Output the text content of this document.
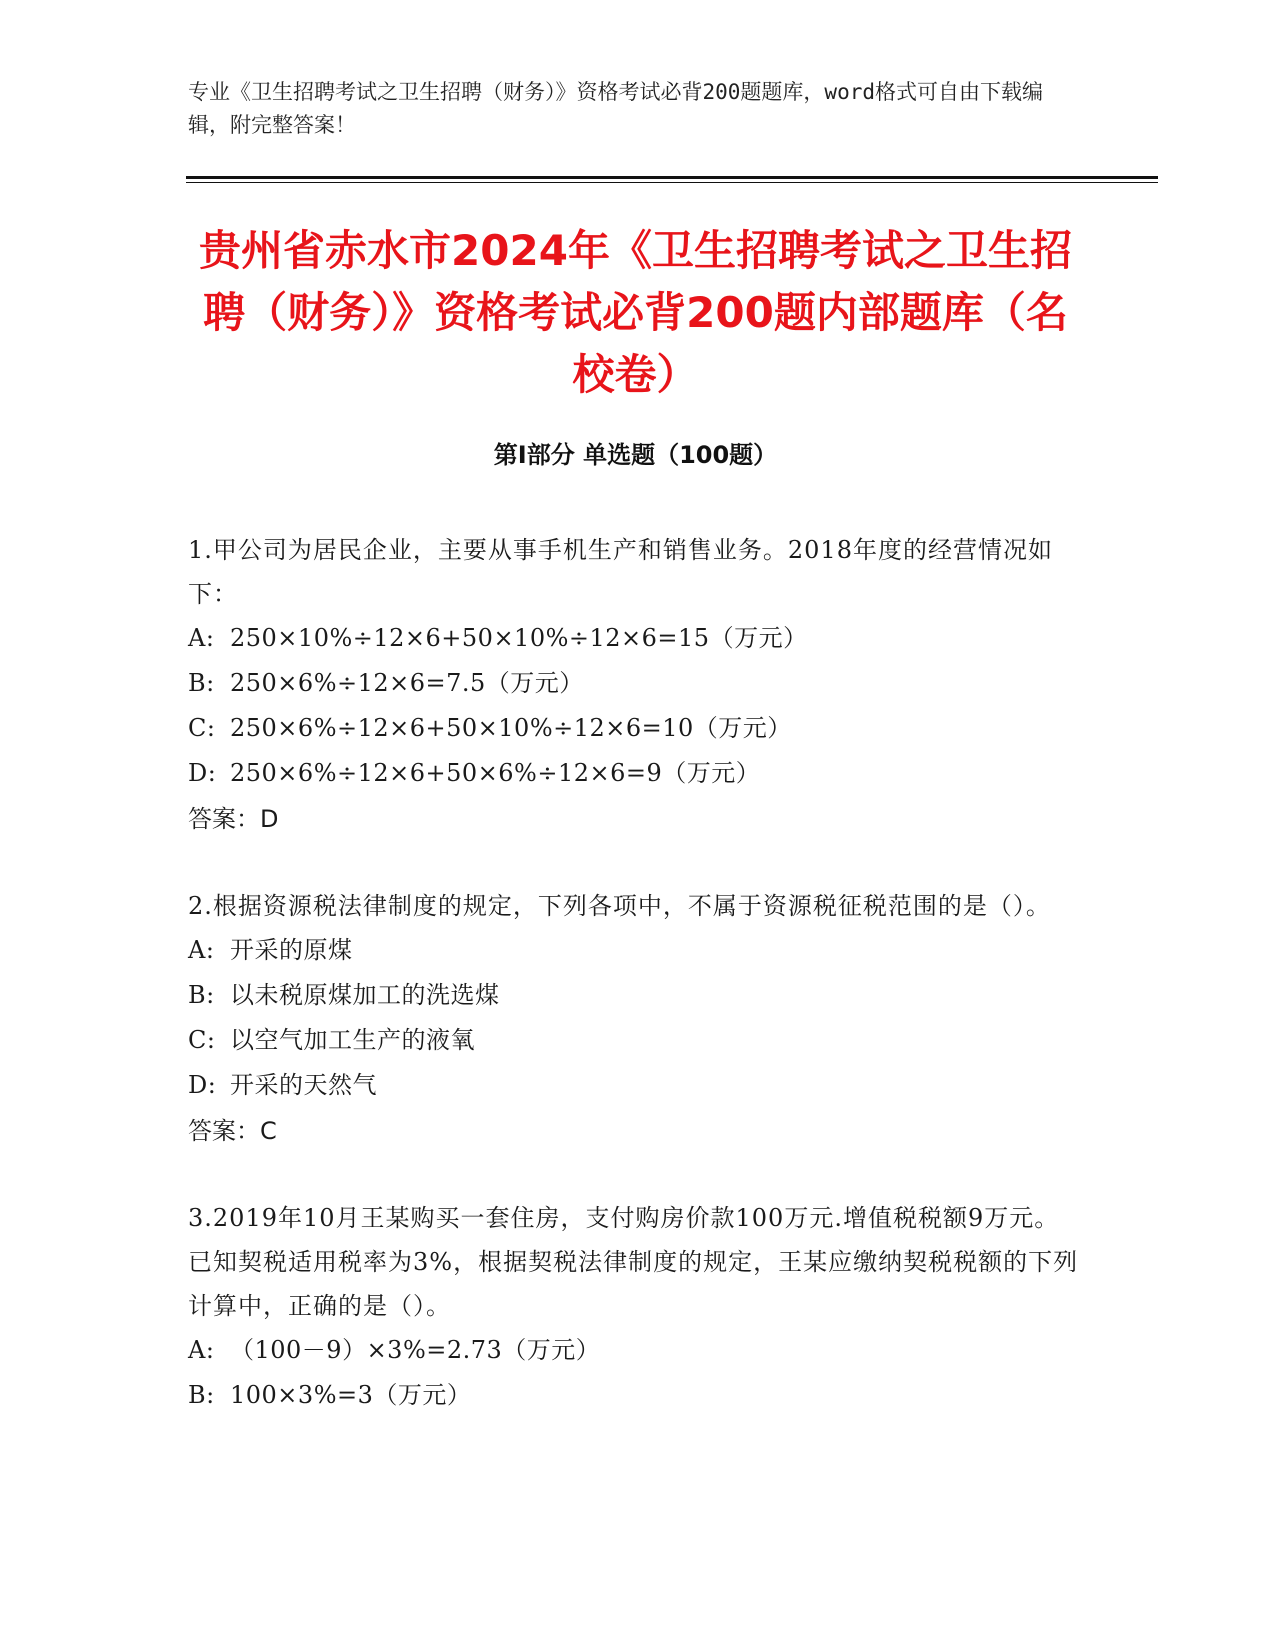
专业《卫生招聘考试之卫生招聘（财务）》资格考试必背200题题库，word格式可自由下载编辑，附完整答案！
贵州省赤水市2024年《卫生招聘考试之卫生招聘（财务）》资格考试必背200题内部题库（名校卷）
第Ⅰ部分 单选题（100题）

1.甲公司为居民企业，主要从事手机生产和销售业务。2018年度的经营情况如下：

A: 250×10%÷12×6+50×10%÷12×6=15（万元）

B: 250×6%÷12×6=7.5（万元）

C: 250×6%÷12×6+50×10%÷12×6=10（万元）

D: 250×6%÷12×6+50×6%÷12×6=9（万元）

答案：D

2.根据资源税法律制度的规定，下列各项中，不属于资源税征税范围的是（）。

A: 开采的原煤

B: 以未税原煤加工的洗选煤

C: 以空气加工生产的液氧

D: 开采的天然气

答案：C

3.2019年10月王某购买一套住房，支付购房价款100万元.增值税税额9万元。已知契税适用税率为3%，根据契税法律制度的规定，王某应缴纳契税税额的下列计算中，正确的是（）。

A: （100－9）×3%=2.73（万元）

B: 100×3%=3（万元）
